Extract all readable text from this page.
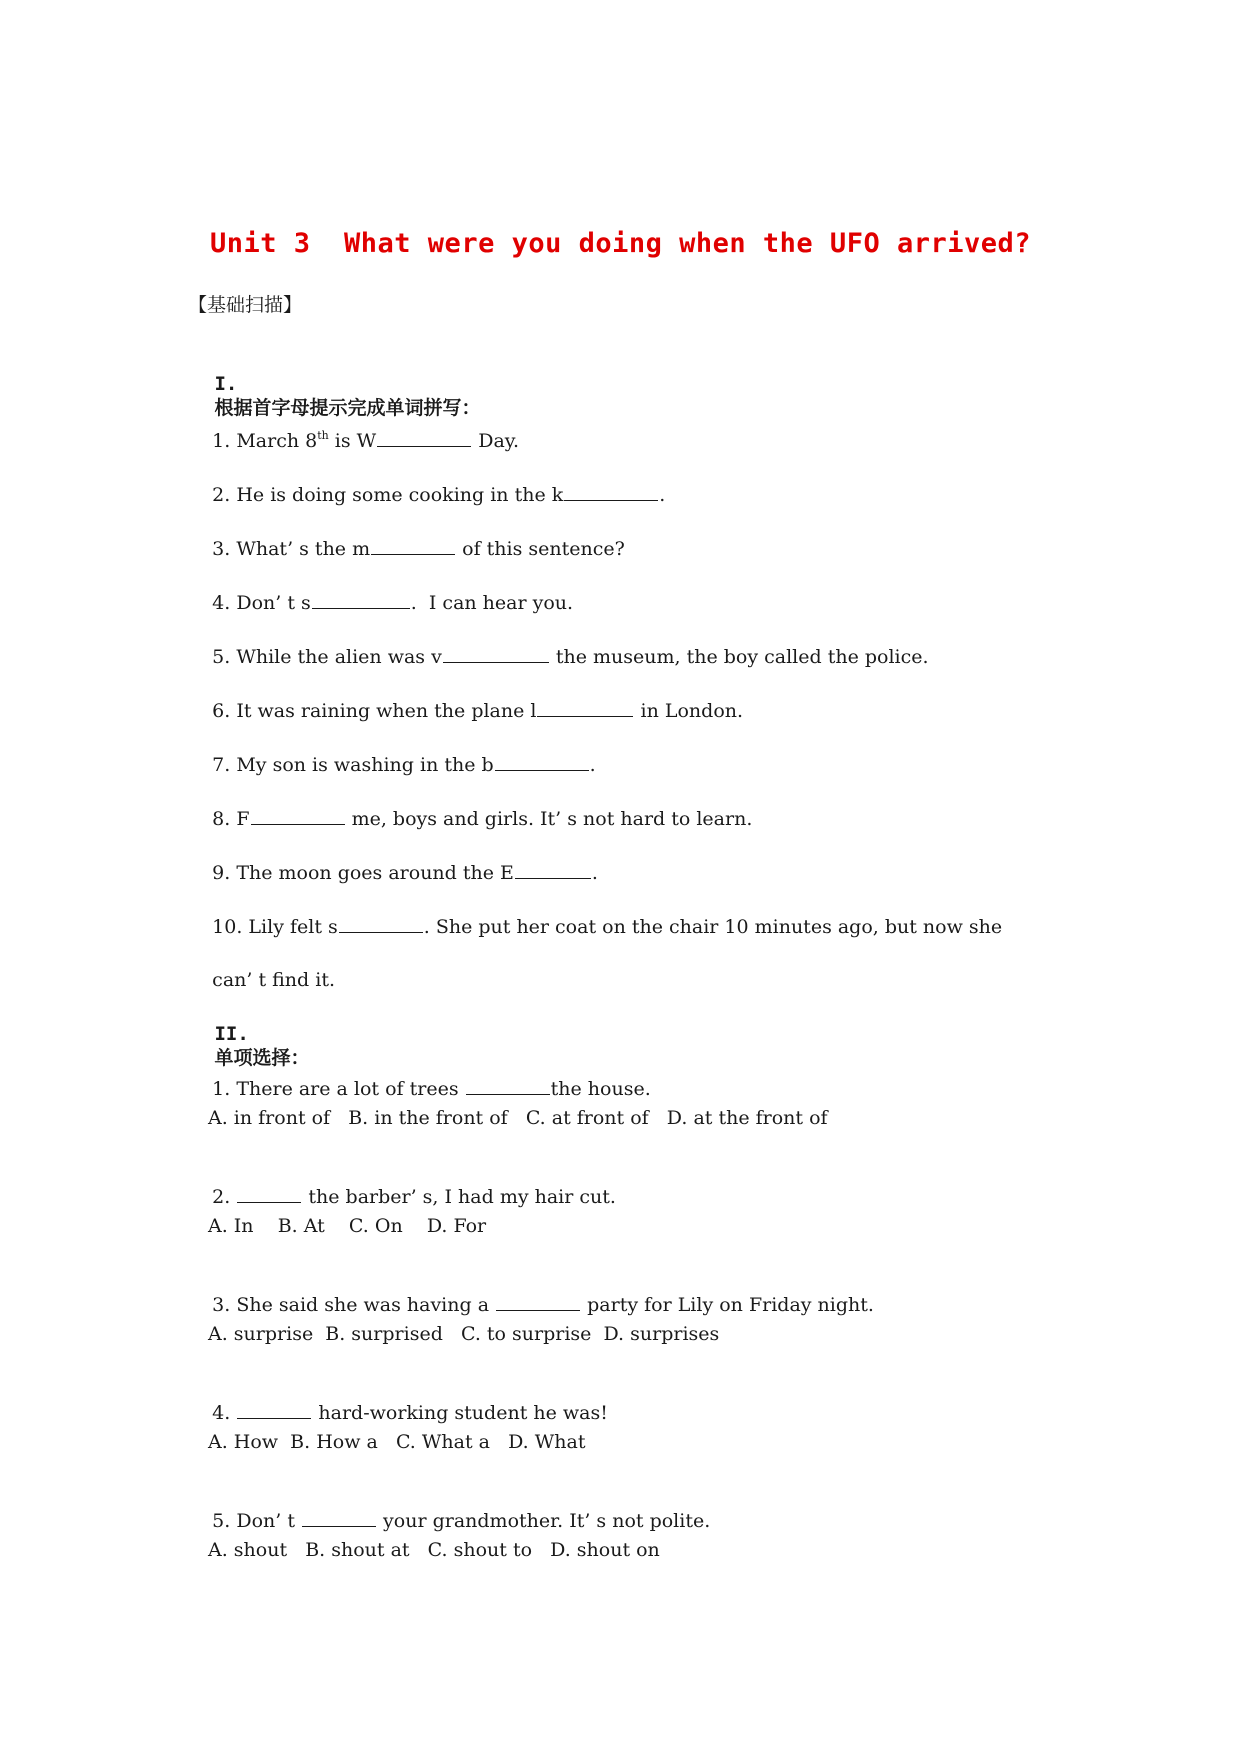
Unit 3  What were you doing when the UFO arrived?
【基础扫描】

I.
根据首字母提示完成单词拼写：

1. March 8th is W	Day.

2. He is doing some cooking in the k	.

3. What’ s the m	of this sentence?

4. Don’ t s	.  I can hear you.

5. While the alien was v	the museum, the boy called the police.

6. It was raining when the plane l	in London.

7. My son is washing in the b	.

8. F	me, boys and girls. It’ s not hard to learn.

9. The moon goes around the E	.

10. Lily felt s	. She put her coat on the chair 10 minutes ago, but now she

can’ t find it.

II.
单项选择：

1. There are a lot of trees	the house.

A. in front of   B. in the front of   C. at front of   D. at the front of

2.	the barber’ s, I had my hair cut.

A. In    B. At    C. On    D. For

3. She said she was having a	party for Lily on Friday night.

A. surprise  B. surprised   C. to surprise  D. surprises

4.	hard-working student he was!

A. How  B. How a   C. What a   D. What

5. Don’ t	your grandmother. It’ s not polite.

A. shout   B. shout at   C. shout to   D. shout on
